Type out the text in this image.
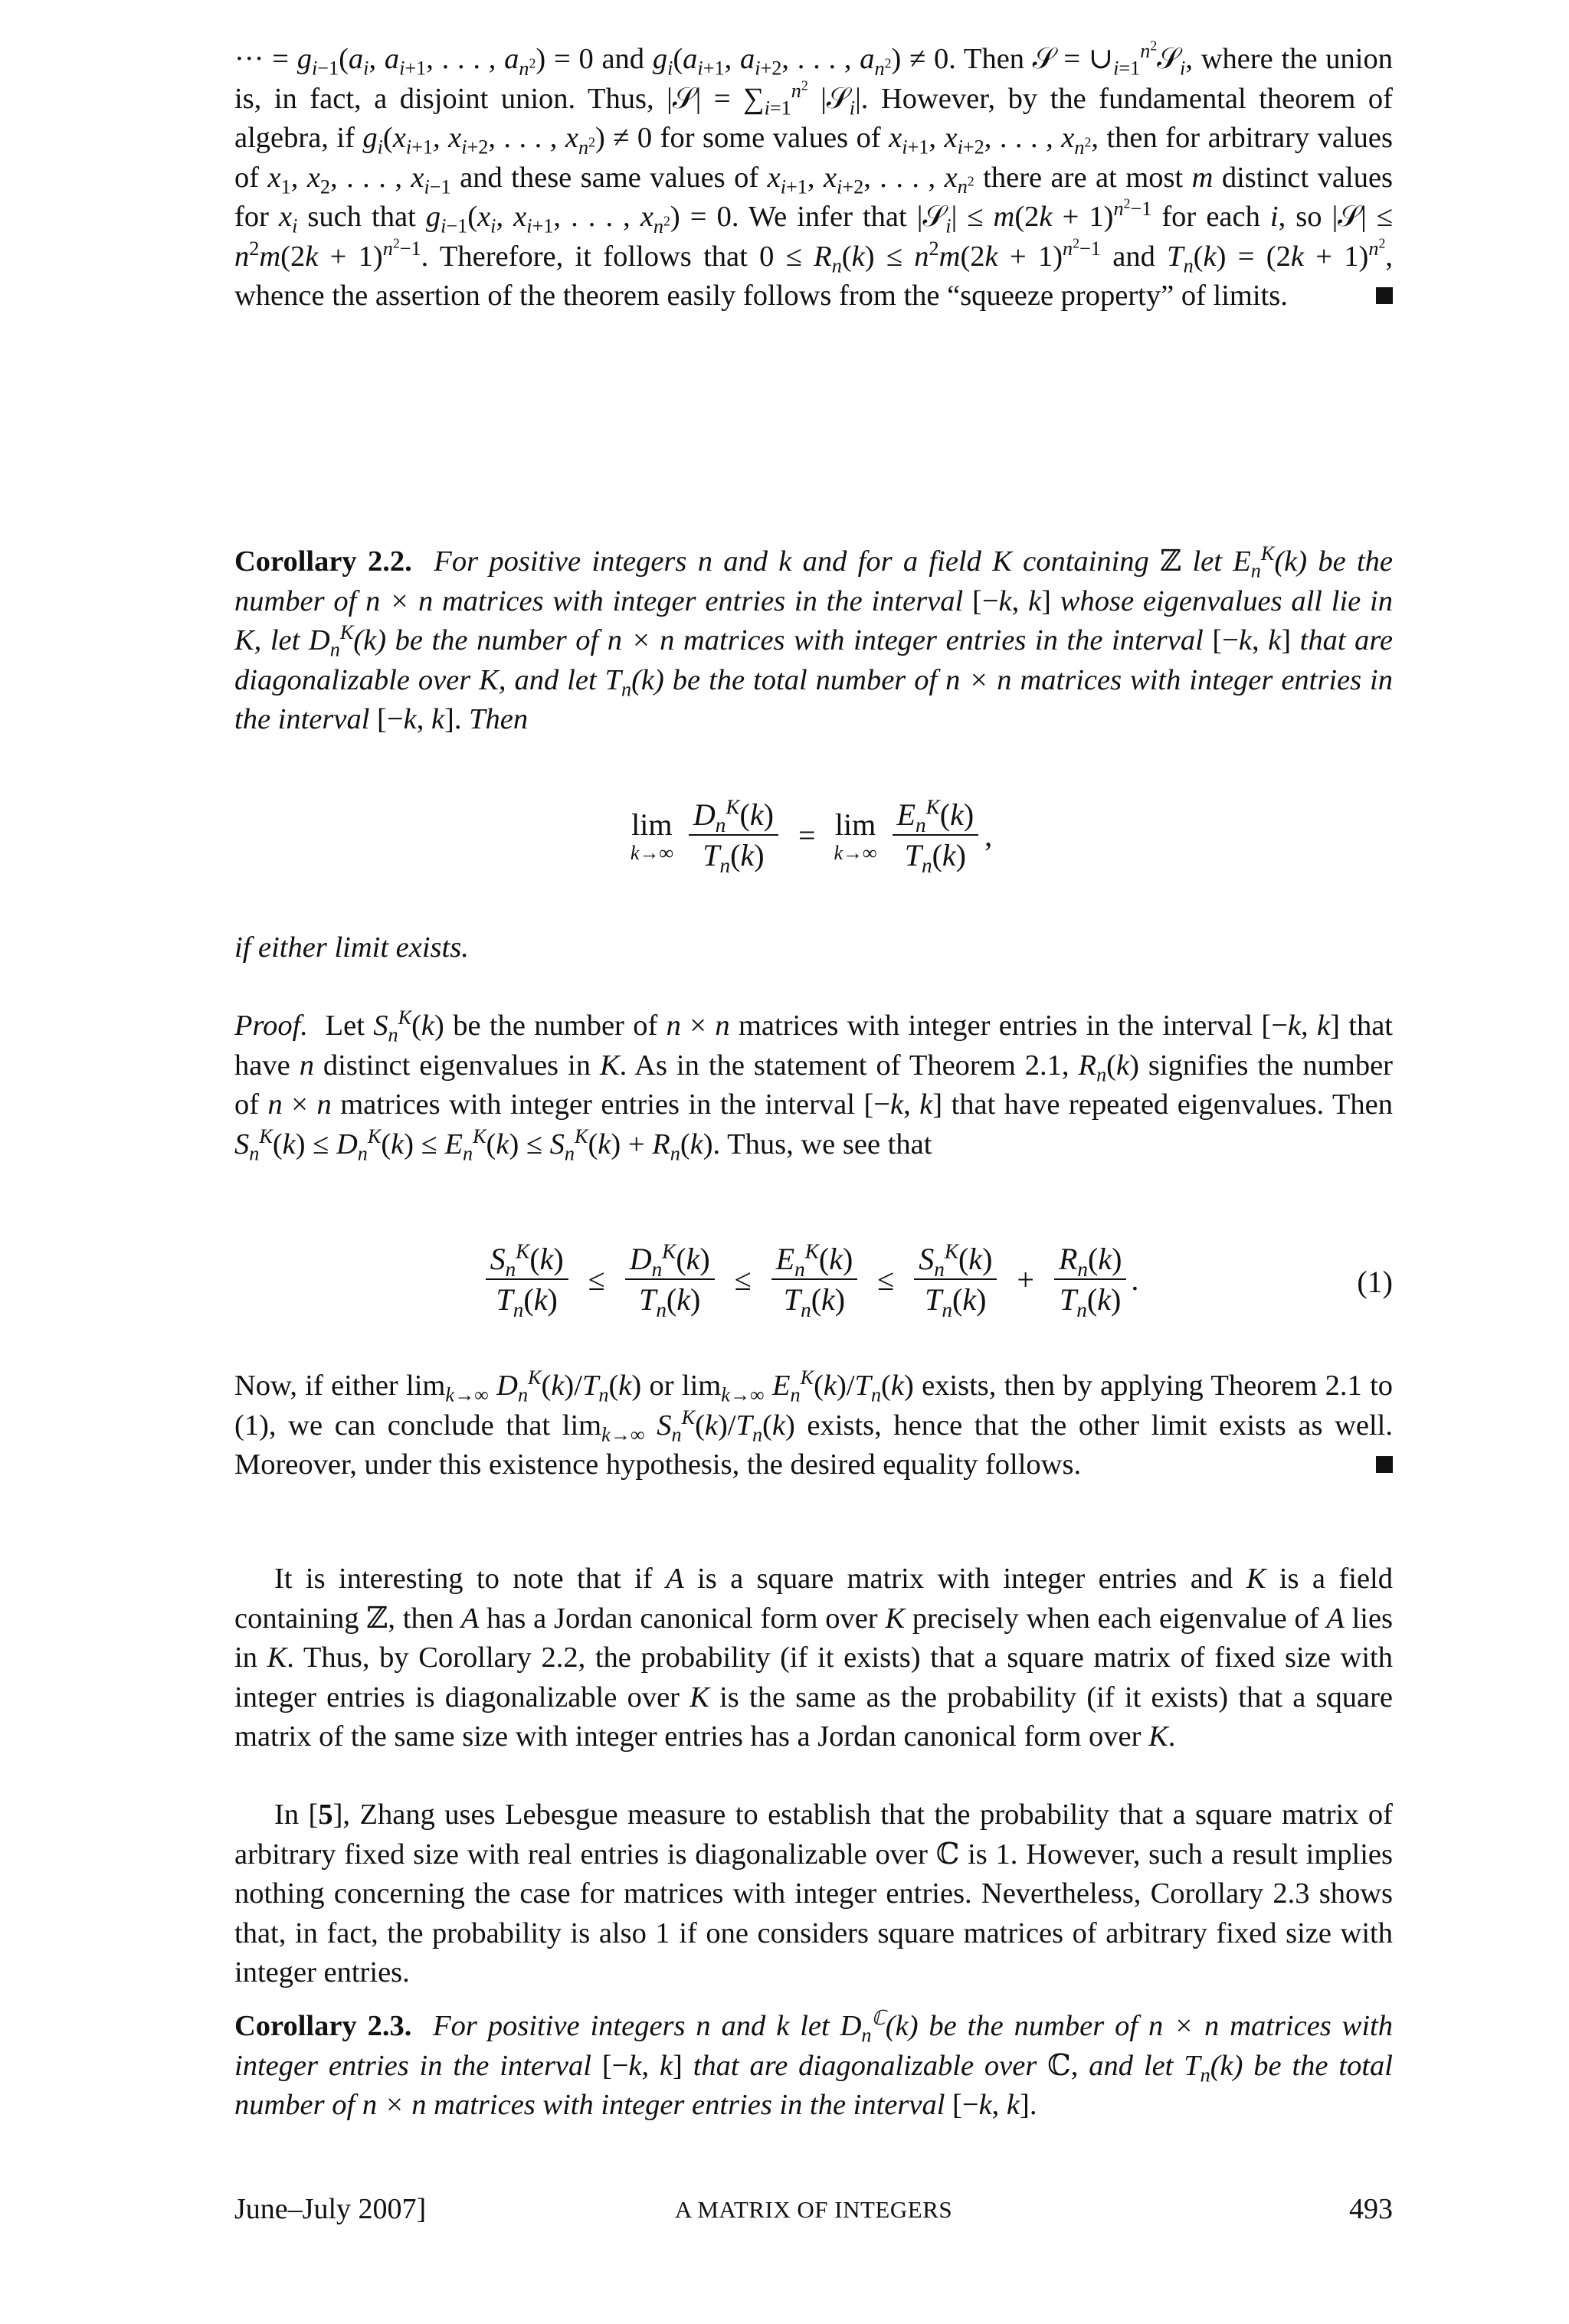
··· = $g_{i-1}(a_i$, $a_{i+1}$, . . . , $a_{n^2}) = 0$ and $g_i(a_{i+1}$, $a_{i+2}$, . . . , $a_{n^2}) \ne 0$. Then 𝒮 = $\cup_{i=1}^{n^2}𝒮_i$, where the union is, in fact, a disjoint union. Thus, |𝒮| = $\sum_{i=1}^{n^2}$ |𝒮$_i$|. However, by the fundamental theorem of algebra, if $g_i(x_{i+1}$, $x_{i+2}$, . . . , $x_{n^2}) \ne 0$ for some values of $x_{i+1}$, $x_{i+2}$, . . . , $x_{n^2}$, then for arbitrary values of $x_1$, $x_2$, . . . , $x_{i-1}$ and these same values of $x_{i+1}$, $x_{i+2}$, . . . , $x_{n^2}$ there are at most m distinct values for $x_i$ such that $g_{i-1}(x_i$, $x_{i+1}$, . . . , $x_{n^2}) = 0$. We infer that |𝒮$_i$| ≤ $m(2k + 1)^{n^2-1}$ for each i, so |𝒮| ≤ $n^2m(2k + 1)^{n^2-1}$. Therefore, it follows that $0 \le R_n(k) \le n^2m(2k + 1)^{n^2-1}$ and $T_n(k) = (2k + 1)^{n^2}$, whence the assertion of the theorem easily follows from the “squeeze property” of limits.

Corollary 2.2. For positive integers n and k and for a field K containing ℤ let $E_n^K(k)$ be the number of n × n matrices with integer entries in the interval [−k, k] whose eigenvalues all lie in K, let $D_n^K(k)$ be the number of n × n matrices with integer entries in the interval [−k, k] that are diagonalizable over K, and let $T_n(k)$ be the total number of n × n matrices with integer entries in the interval [−k, k]. Then

lim
k→∞
$\frac{D_n^K(k)}{T_n(k)} = \lim$
k→∞
$\frac{E_n^K(k)}{T_n(k)}$ ,

if either limit exists.

Proof.  Let $S_n^K(k)$ be the number of n × n matrices with integer entries in the interval [−k, k] that have n distinct eigenvalues in K. As in the statement of Theorem 2.1, $R_n(k)$ signifies the number of n × n matrices with integer entries in the interval [−k, k] that have repeated eigenvalues. Then $S_n^K(k) \le D_n^K(k) \le E_n^K(k) \le S_n^K(k) + R_n(k)$. Thus, we see that

$\frac{S_n^K(k)}{T_n(k)} \le \frac{D_n^K(k)}{T_n(k)} \le \frac{E_n^K(k)}{T_n(k)} \le \frac{S_n^K(k)}{T_n(k)} + \frac{R_n(k)}{T_n(k)}$ .	(1)

Now, if either $\lim_{k\to\infty} D_n^K(k)/T_n(k)$ or $\lim_{k\to\infty} E_n^K(k)/T_n(k)$ exists, then by applying Theorem 2.1 to (1), we can conclude that $\lim_{k\to\infty} S_n^K(k)/T_n(k)$ exists, hence that the other limit exists as well. Moreover, under this existence hypothesis, the desired equality follows.

It is interesting to note that if A is a square matrix with integer entries and K is a field containing ℤ, then A has a Jordan canonical form over K precisely when each eigenvalue of A lies in K. Thus, by Corollary 2.2, the probability (if it exists) that a square matrix of fixed size with integer entries is diagonalizable over K is the same as the probability (if it exists) that a square matrix of the same size with integer entries has a Jordan canonical form over K.

In [5], Zhang uses Lebesgue measure to establish that the probability that a square matrix of arbitrary fixed size with real entries is diagonalizable over ℂ is 1. However, such a result implies nothing concerning the case for matrices with integer entries. Nevertheless, Corollary 2.3 shows that, in fact, the probability is also 1 if one considers square matrices of arbitrary fixed size with integer entries.

Corollary 2.3. For positive integers n and k let $D_n^ℂ(k)$ be the number of n × n matrices with integer entries in the interval [−k, k] that are diagonalizable over ℂ, and let $T_n(k)$ be the total number of n × n matrices with integer entries in the interval [−k, k].

June–July 2007]	A MATRIX OF INTEGERS	493
